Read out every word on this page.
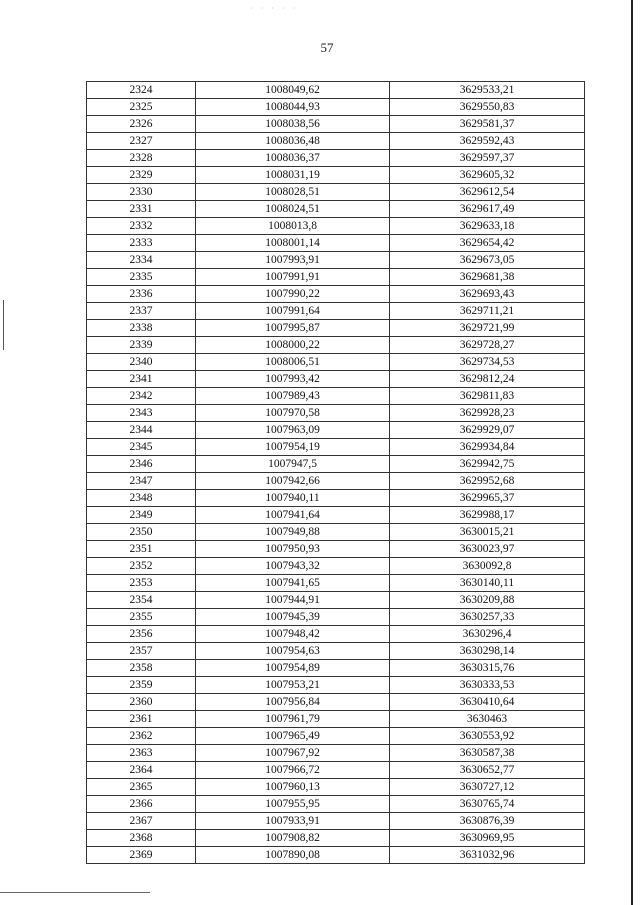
· · · · ·
57
2324	1008049,62	3629533,21
2325	1008044,93	3629550,83
2326	1008038,56	3629581,37
2327	1008036,48	3629592,43
2328	1008036,37	3629597,37
2329	1008031,19	3629605,32
2330	1008028,51	3629612,54
2331	1008024,51	3629617,49
2332	1008013,8	3629633,18
2333	1008001,14	3629654,42
2334	1007993,91	3629673,05
2335	1007991,91	3629681,38
2336	1007990,22	3629693,43
2337	1007991,64	3629711,21
2338	1007995,87	3629721,99
2339	1008000,22	3629728,27
2340	1008006,51	3629734,53
2341	1007993,42	3629812,24
2342	1007989,43	3629811,83
2343	1007970,58	3629928,23
2344	1007963,09	3629929,07
2345	1007954,19	3629934,84
2346	1007947,5	3629942,75
2347	1007942,66	3629952,68
2348	1007940,11	3629965,37
2349	1007941,64	3629988,17
2350	1007949,88	3630015,21
2351	1007950,93	3630023,97
2352	1007943,32	3630092,8
2353	1007941,65	3630140,11
2354	1007944,91	3630209,88
2355	1007945,39	3630257,33
2356	1007948,42	3630296,4
2357	1007954,63	3630298,14
2358	1007954,89	3630315,76
2359	1007953,21	3630333,53
2360	1007956,84	3630410,64
2361	1007961,79	3630463
2362	1007965,49	3630553,92
2363	1007967,92	3630587,38
2364	1007966,72	3630652,77
2365	1007960,13	3630727,12
2366	1007955,95	3630765,74
2367	1007933,91	3630876,39
2368	1007908,82	3630969,95
2369	1007890,08	3631032,96
